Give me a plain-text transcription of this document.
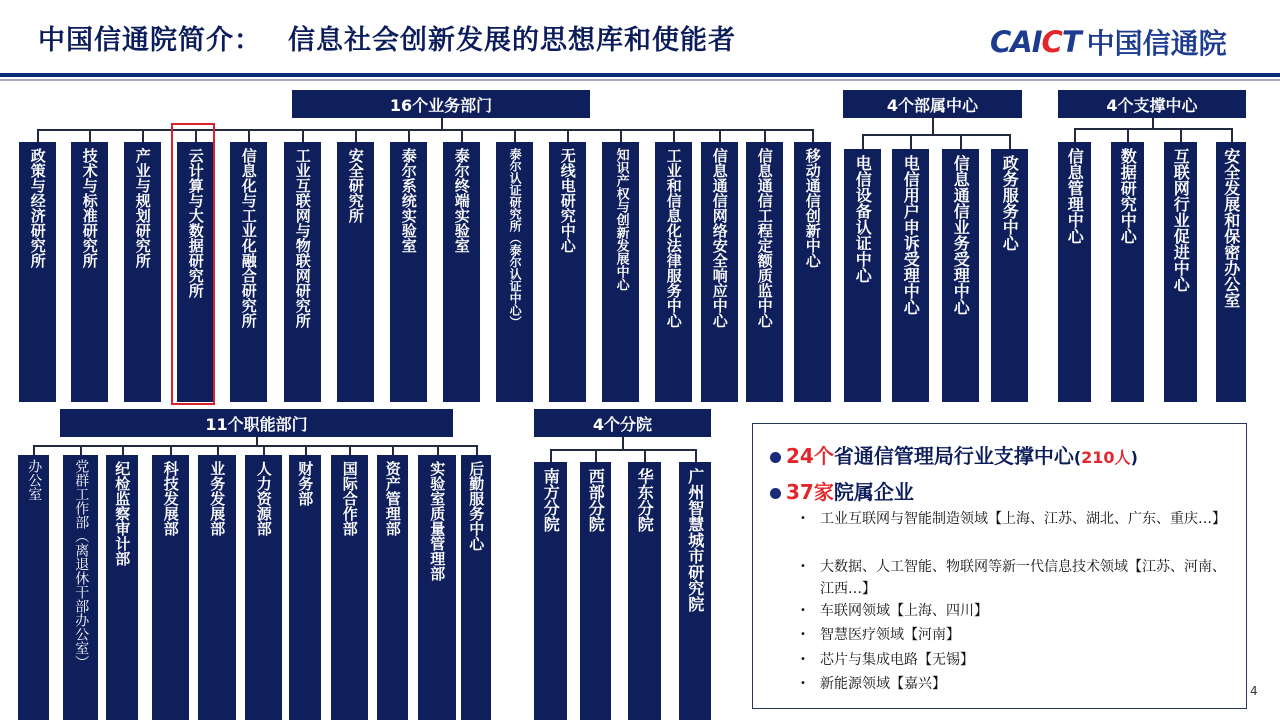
中国信通院简介： 信息社会创新发展的思想库和使能者	CAICT 中国信通院
16个业务部门	4个部属中心	4个支撑中心
11个职能部门	4个分院
政策与经济研究所 技术与标准研究所 产业与规划研究所 云计算与大数据研究所 信息化与工业化融合研究所 工业互联网与物联网研究所 安全研究所 泰尔系统实验室 泰尔终端实验室	泰尔认证研究所（泰尔认证中心） 无线电研究中心	知识产权与创新发展中心 工业和信息化法律服务中心 信息通信网络安全响应中心 信息通信工程定额质监中心 移动通信创新中心 电信设备认证中心 电信用户申诉受理中心 信息通信业务受理中心 政务服务中心	信息管理中心 数据研究中心 互联网行业促进中心 安全发展和保密办公室
办公室 党群工作部（离退休干部办公室） 纪检监察审计部 科技发展部 业务发展部 人力资源部 财务部 国际合作部 资产管理部 实验室质量管理部 后勤服务中心	南方分院 西部分院 华东分院 广州智慧城市研究院
24个省通信管理局行业支撑中心(210人)
37家院属企业
• 工业互联网与智能制造领域【上海、江苏、湖北、广东、重庆…】
• 大数据、人工智能、物联网等新一代信息技术领域【江苏、河南、江西…】
• 车联网领域【上海、四川】
• 智慧医疗领域【河南】
• 芯片与集成电路【无锡】
• 新能源领域【嘉兴】	4
